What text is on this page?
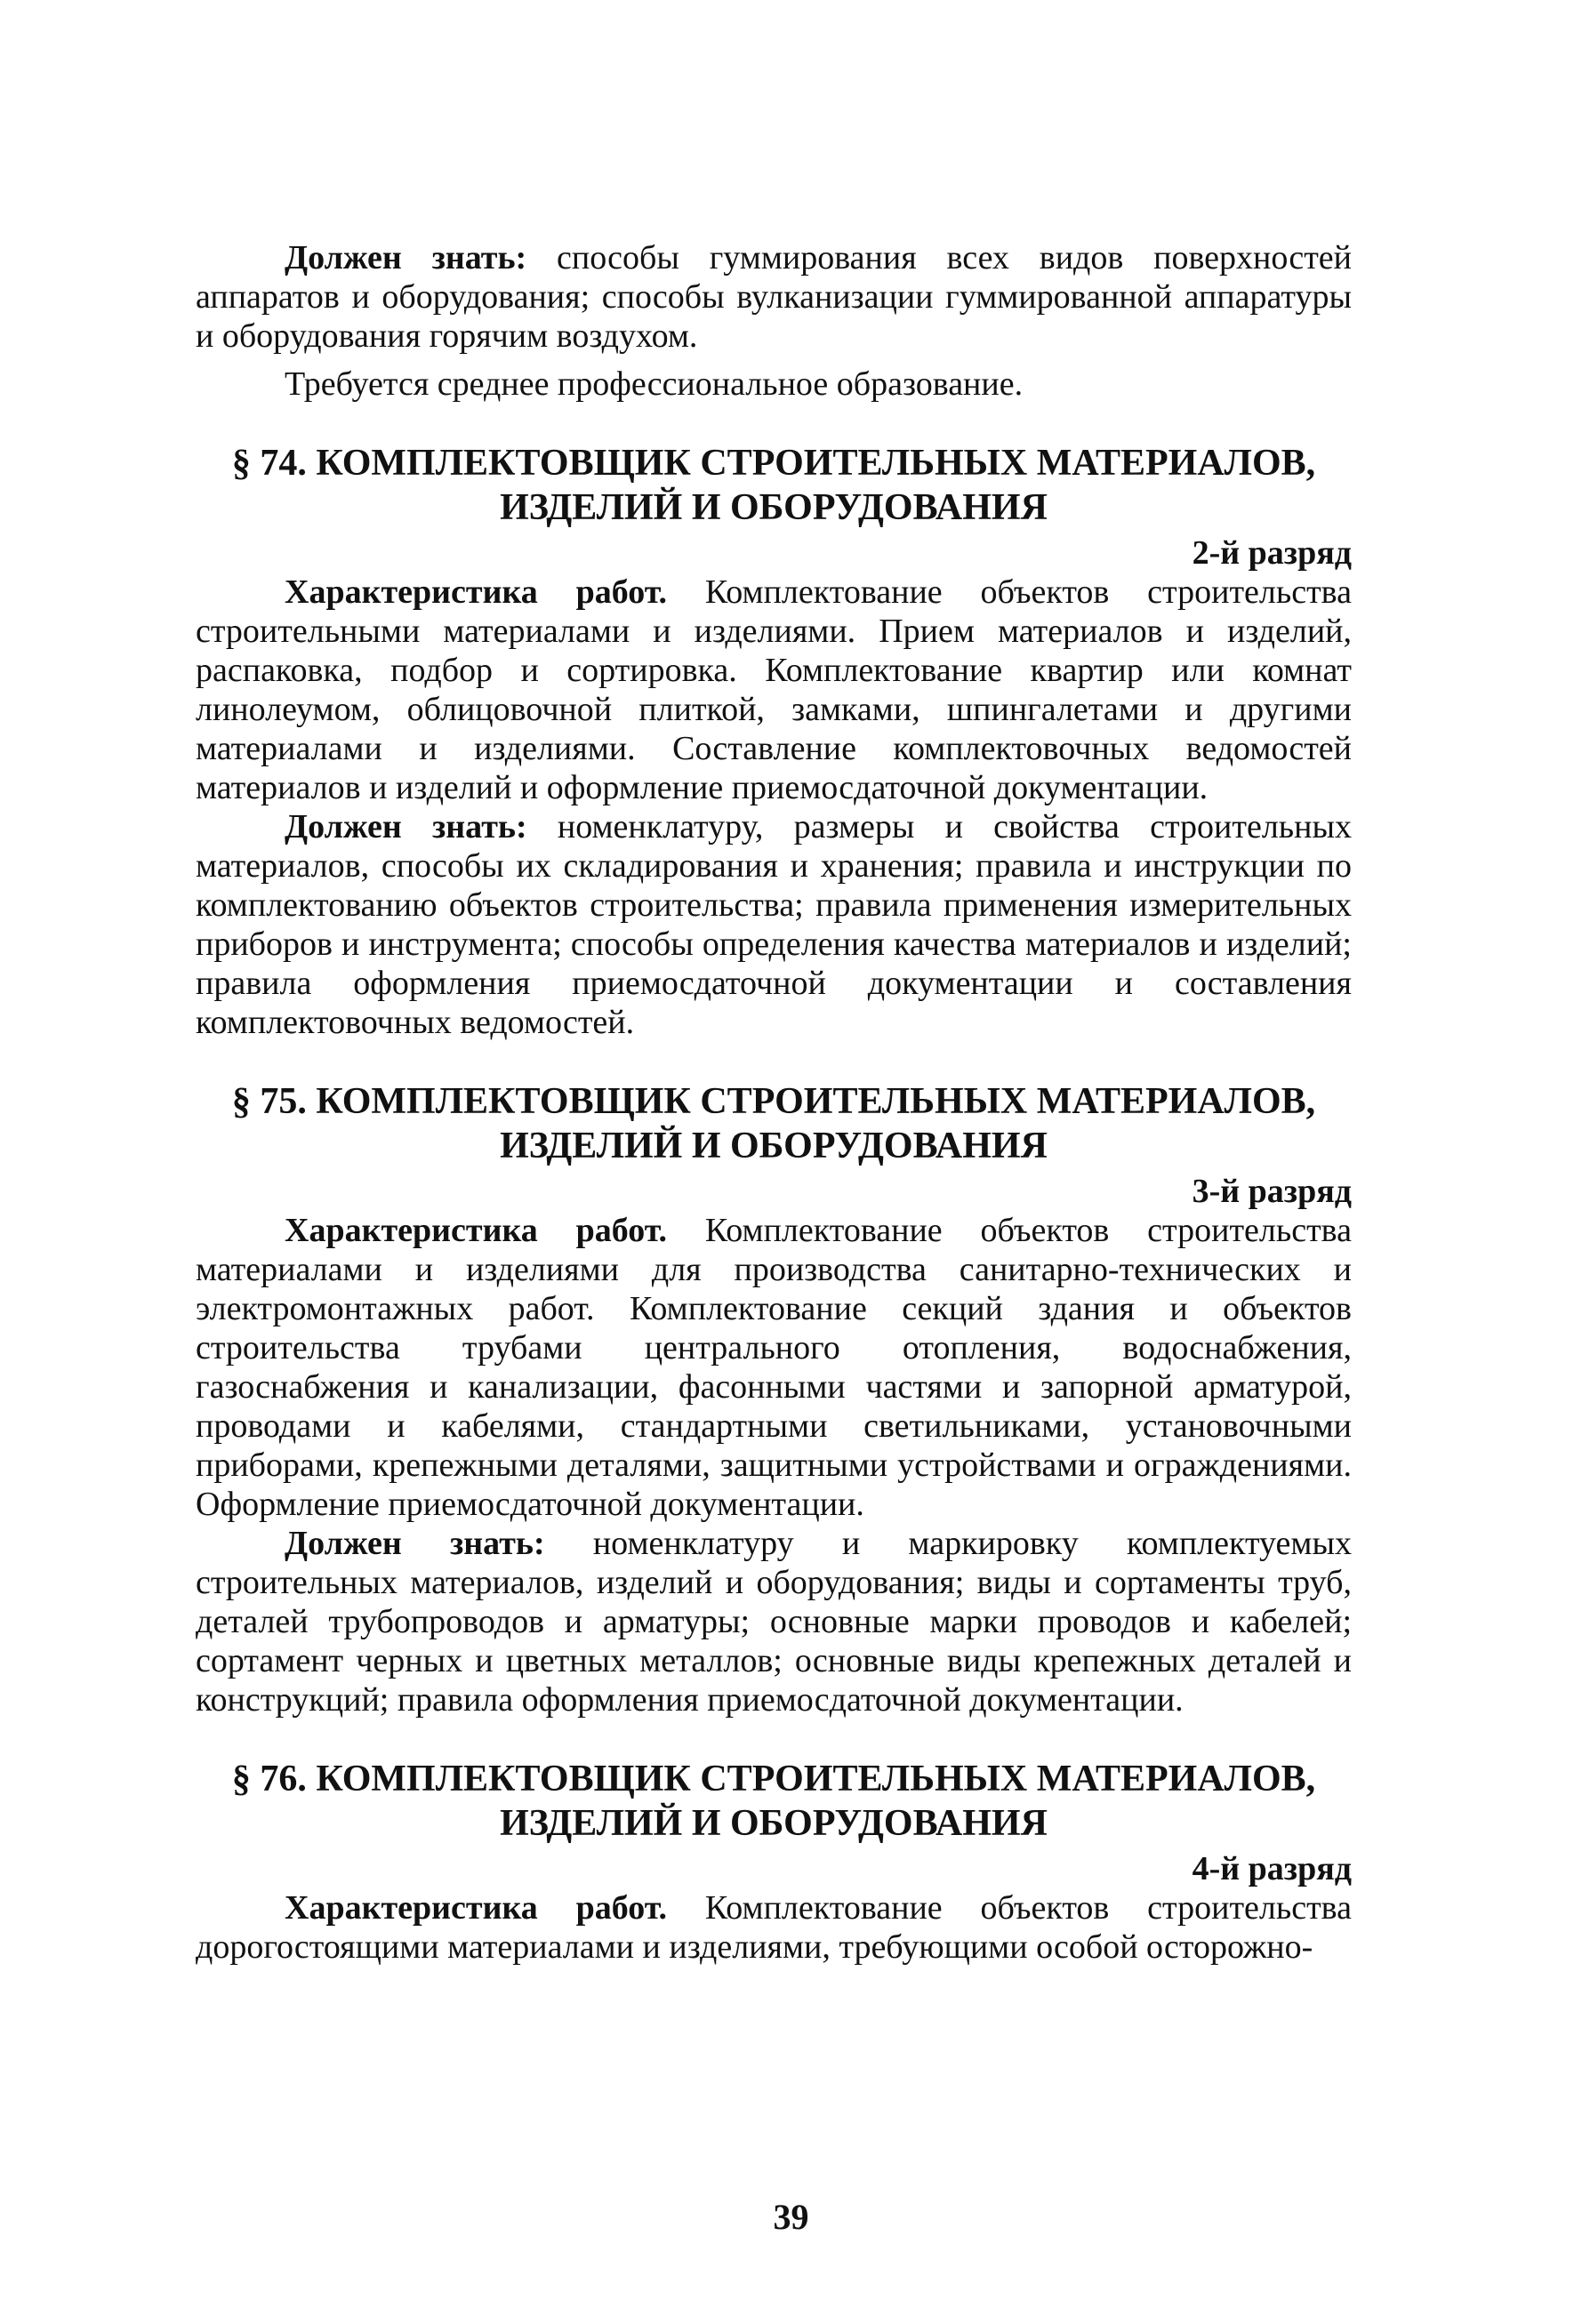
Должен знать: способы гуммирования всех видов поверхностей аппаратов и оборудования; способы вулканизации гуммированной аппаратуры и оборудования горячим воздухом.

Требуется среднее профессиональное образование.

§ 74. КОМПЛЕКТОВЩИК СТРОИТЕЛЬНЫХ МАТЕРИАЛОВ,
ИЗДЕЛИЙ И ОБОРУДОВАНИЯ
2-й разряд

Характеристика работ. Комплектование объектов строительства строительными материалами и изделиями. Прием материалов и изделий, распаковка, подбор и сортировка. Комплектование квартир или комнат линолеумом, облицовочной плиткой, замками, шпингалетами и другими материалами и изделиями. Составление комплектовочных ведомостей материалов и изделий и оформление приемосдаточной документации.

Должен знать: номенклатуру, размеры и свойства строительных материалов, способы их складирования и хранения; правила и инструкции по комплектованию объектов строительства; правила применения измерительных приборов и инструмента; способы определения качества материалов и изделий; правила оформления приемосдаточной документации и составления комплектовочных ведомостей.

§ 75. КОМПЛЕКТОВЩИК СТРОИТЕЛЬНЫХ МАТЕРИАЛОВ,
ИЗДЕЛИЙ И ОБОРУДОВАНИЯ
3-й разряд

Характеристика работ. Комплектование объектов строительства материалами и изделиями для производства санитарно-технических и электромонтажных работ. Комплектование секций здания и объектов строительства трубами центрального отопления, водоснабжения, газоснабжения и канализации, фасонными частями и запорной арматурой, проводами и кабелями, стандартными светильниками, установочными приборами, крепежными деталями, защитными устройствами и ограждениями. Оформление приемосдаточной документации.

Должен знать: номенклатуру и маркировку комплектуемых строительных материалов, изделий и оборудования; виды и сортаменты труб, деталей трубопроводов и арматуры; основные марки проводов и кабелей; сортамент черных и цветных металлов; основные виды крепежных деталей и конструкций; правила оформления приемосдаточной документации.

§ 76. КОМПЛЕКТОВЩИК СТРОИТЕЛЬНЫХ МАТЕРИАЛОВ,
ИЗДЕЛИЙ И ОБОРУДОВАНИЯ
4-й разряд

Характеристика работ. Комплектование объектов строительства дорогостоящими материалами и изделиями, требующими особой осторожно-

39
